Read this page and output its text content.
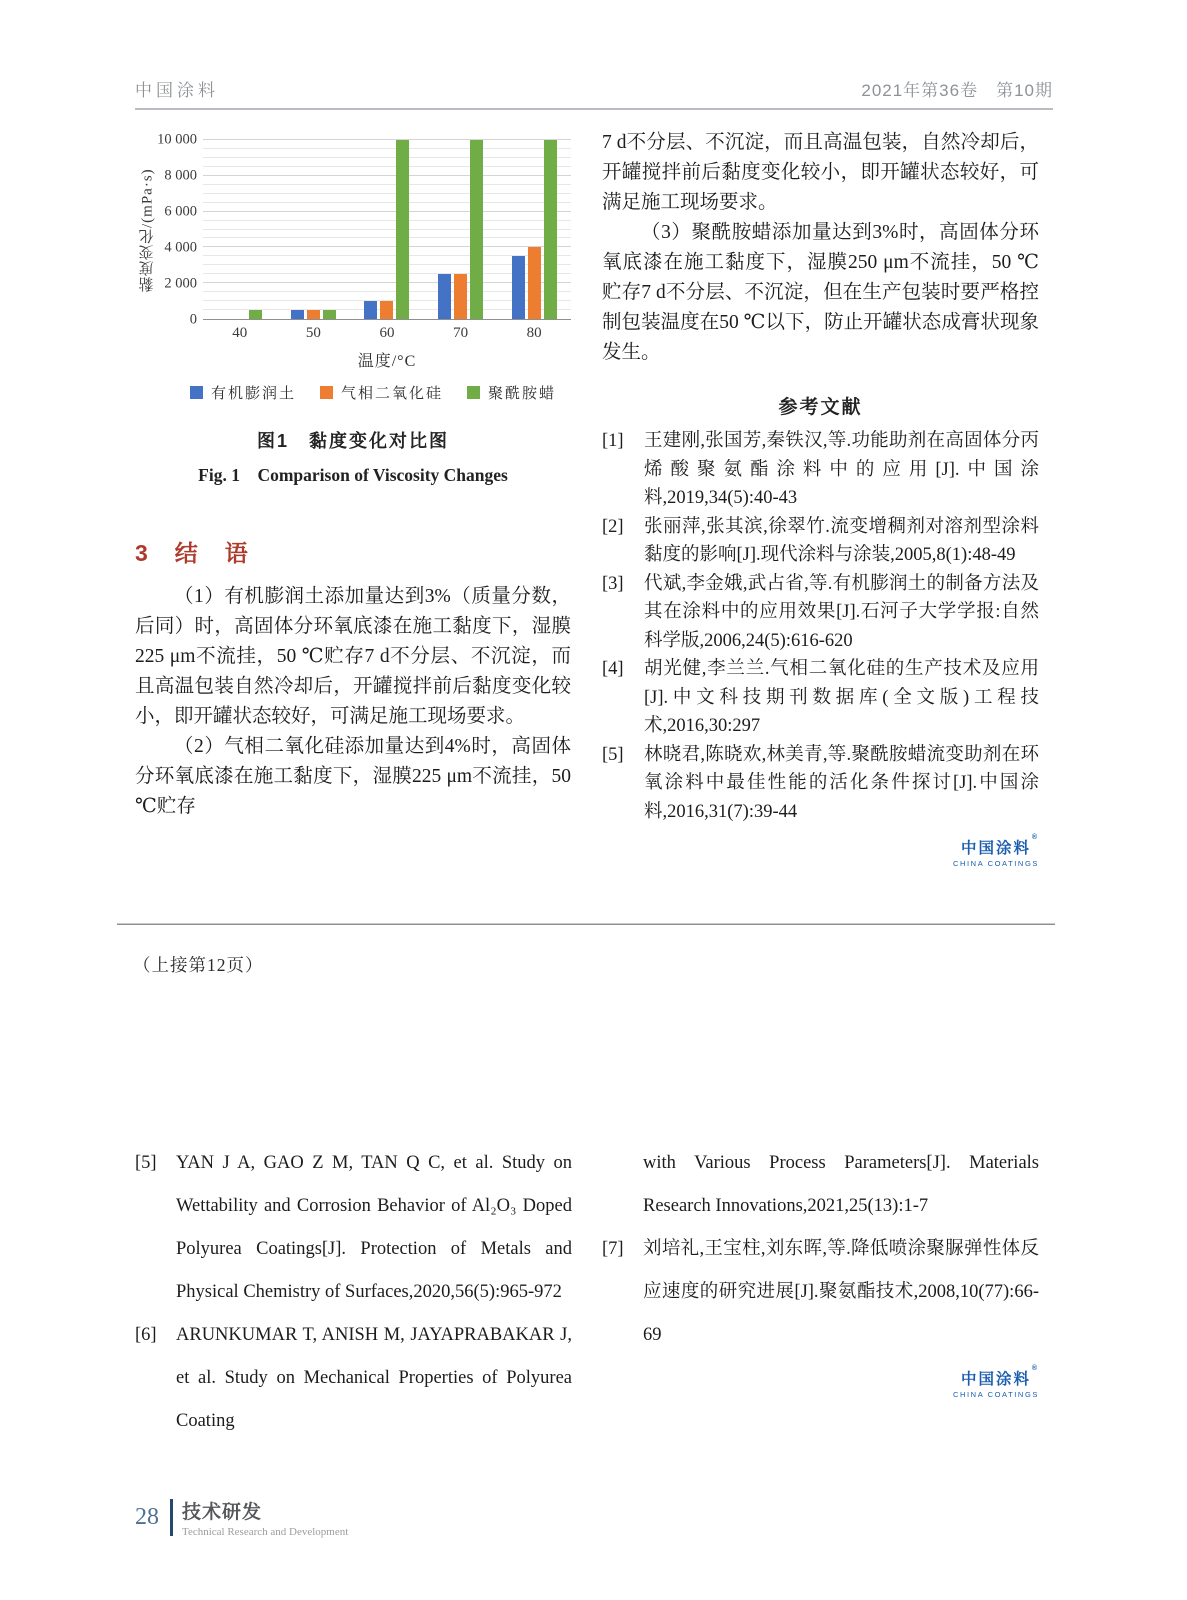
中国涂料	2021年第36卷　第10期
黏度变化/(mPa·s)
0
2 000
4 000
6 000
8 000
10 000
40	50	60	70	80
温度/°C
有机膨润土	气相二氧化硅	聚酰胺蜡
图1　黏度变化对比图
Fig. 1　Comparison of Viscosity Changes
3　结　语

（1）有机膨润土添加量达到3%（质量分数，后同）时，高固体分环氧底漆在施工黏度下，湿膜225 μm不流挂，50 ℃贮存7 d不分层、不沉淀，而且高温包装自然冷却后，开罐搅拌前后黏度变化较小，即开罐状态较好，可满足施工现场要求。

（2）气相二氧化硅添加量达到4%时，高固体分环氧底漆在施工黏度下，湿膜225 μm不流挂，50 ℃贮存

7 d不分层、不沉淀，而且高温包装，自然冷却后，开罐搅拌前后黏度变化较小，即开罐状态较好，可满足施工现场要求。

（3）聚酰胺蜡添加量达到3%时，高固体分环氧底漆在施工黏度下，湿膜250 μm不流挂，50 ℃贮存7 d不分层、不沉淀，但在生产包装时要严格控制包装温度在50 ℃以下，防止开罐状态成膏状现象发生。

参考文献
[1] 王建刚,张国芳,秦铁汉,等.功能助剂在高固体分丙烯酸聚氨酯涂料中的应用[J].中国涂料,2019,34(5):40-43
[2] 张丽萍,张其滨,徐翠竹.流变增稠剂对溶剂型涂料黏度的影响[J].现代涂料与涂装,2005,8(1):48-49
[3] 代斌,李金娥,武占省,等.有机膨润土的制备方法及其在涂料中的应用效果[J].石河子大学学报:自然科学版,2006,24(5):616-620
[4] 胡光健,李兰兰.气相二氧化硅的生产技术及应用[J].中文科技期刊数据库(全文版)工程技术,2016,30:297
[5] 林晓君,陈晓欢,林美青,等.聚酰胺蜡流变助剂在环氧涂料中最佳性能的活化条件探讨[J].中国涂料,2016,31(7):39-44
中国涂料
®
CHINA COATINGS
（上接第12页）
[5] YAN J A, GAO Z M, TAN Q C, et al. Study on Wettability and Corrosion Behavior of Al₂O₃ Doped Polyurea Coatings[J]. Protection of Metals and Physical Chemistry of Surfaces,2020,56(5):965-972
[6] ARUNKUMAR T, ANISH M, JAYAPRABAKAR J, et al. Study on Mechanical Properties of Polyurea Coating
with Various Process Parameters[J]. Materials Research Innovations,2021,25(13):1-7
[7] 刘培礼,王宝柱,刘东晖,等.降低喷涂聚脲弹性体反应速度的研究进展[J].聚氨酯技术,2008,10(77):66-69
中国涂料
®
CHINA COATINGS
28 技术研发
Technical Research and Development
